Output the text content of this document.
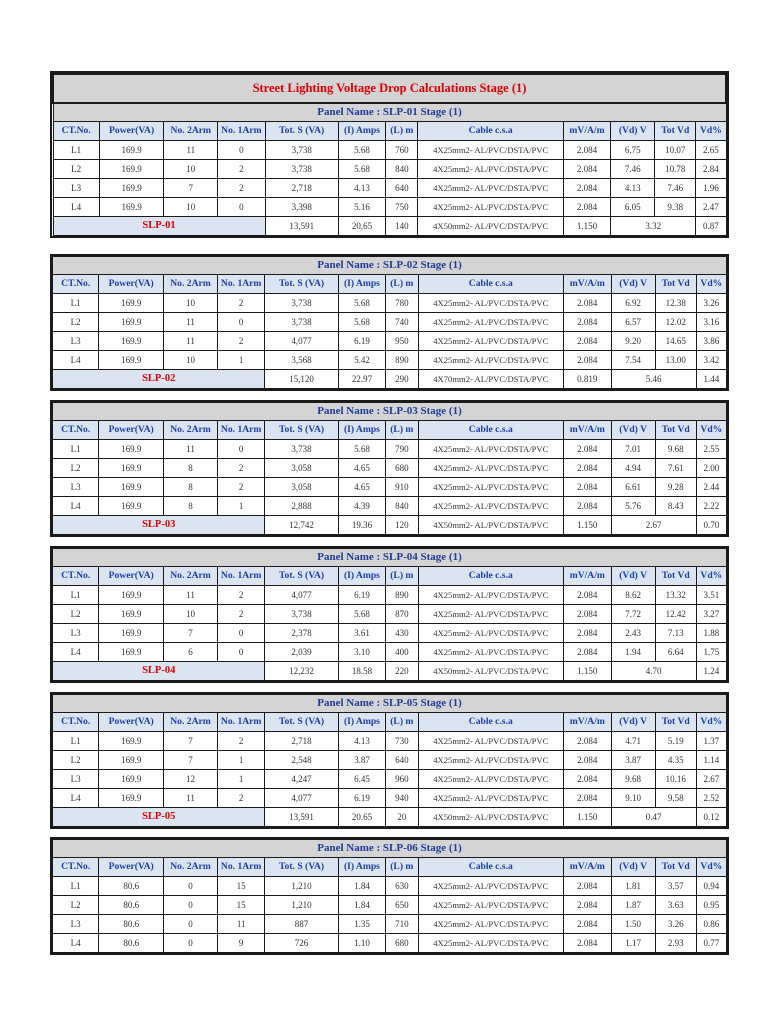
Street Lighting Voltage Drop Calculations Stage (1)											
Panel Name : SLP-01 Stage (1)											
CT.No.	Power(VA)	No. 2Arm	No. 1Arm	Tot. S (VA)	(I) Amps	(L) m	Cable c.s.a	mV/A/m	(Vd) V	Tot Vd	Vd%
L1	169.9	11	0	3,738	5.68	760	4X25mm2- AL/PVC/DSTA/PVC	2.084	6.75	10.07	2.65
L2	169.9	10	2	3,738	5.68	840	4X25mm2- AL/PVC/DSTA/PVC	2.084	7.46	10.78	2.84
L3	169.9	7	2	2,718	4.13	640	4X25mm2- AL/PVC/DSTA/PVC	2.084	4.13	7.46	1.96
L4	169.9	10	0	3,398	5.16	750	4X25mm2- AL/PVC/DSTA/PVC	2.084	6.05	9.38	2.47
SLP-01				13,591	20.65	140	4X50mm2- AL/PVC/DSTA/PVC	1.150	3.32		0.87
Panel Name : SLP-02 Stage (1)											
CT.No.	Power(VA)	No. 2Arm	No. 1Arm	Tot. S (VA)	(I) Amps	(L) m	Cable c.s.a	mV/A/m	(Vd) V	Tot Vd	Vd%
L1	169.9	10	2	3,738	5.68	780	4X25mm2- AL/PVC/DSTA/PVC	2.084	6.92	12.38	3.26
L2	169.9	11	0	3,738	5.68	740	4X25mm2- AL/PVC/DSTA/PVC	2.084	6.57	12.02	3.16
L3	169.9	11	2	4,077	6.19	950	4X25mm2- AL/PVC/DSTA/PVC	2.084	9.20	14.65	3.86
L4	169.9	10	1	3,568	5.42	890	4X25mm2- AL/PVC/DSTA/PVC	2.084	7.54	13.00	3.42
SLP-02				15,120	22.97	290	4X70mm2- AL/PVC/DSTA/PVC	0.819	5.46		1.44
Panel Name : SLP-03 Stage (1)											
CT.No.	Power(VA)	No. 2Arm	No. 1Arm	Tot. S (VA)	(I) Amps	(L) m	Cable c.s.a	mV/A/m	(Vd) V	Tot Vd	Vd%
L1	169.9	11	0	3,738	5.68	790	4X25mm2- AL/PVC/DSTA/PVC	2.084	7.01	9.68	2.55
L2	169.9	8	2	3,058	4.65	680	4X25mm2- AL/PVC/DSTA/PVC	2.084	4.94	7.61	2.00
L3	169.9	8	2	3,058	4.65	910	4X25mm2- AL/PVC/DSTA/PVC	2.084	6.61	9.28	2.44
L4	169.9	8	1	2,888	4.39	840	4X25mm2- AL/PVC/DSTA/PVC	2.084	5.76	8.43	2.22
SLP-03				12,742	19.36	120	4X50mm2- AL/PVC/DSTA/PVC	1.150	2.67		0.70
Panel Name : SLP-04 Stage (1)											
CT.No.	Power(VA)	No. 2Arm	No. 1Arm	Tot. S (VA)	(I) Amps	(L) m	Cable c.s.a	mV/A/m	(Vd) V	Tot Vd	Vd%
L1	169.9	11	2	4,077	6.19	890	4X25mm2- AL/PVC/DSTA/PVC	2.084	8.62	13.32	3.51
L2	169.9	10	2	3,738	5.68	870	4X25mm2- AL/PVC/DSTA/PVC	2.084	7.72	12.42	3.27
L3	169.9	7	0	2,378	3.61	430	4X25mm2- AL/PVC/DSTA/PVC	2.084	2.43	7.13	1.88
L4	169.9	6	0	2,039	3.10	400	4X25mm2- AL/PVC/DSTA/PVC	2.084	1.94	6.64	1.75
SLP-04				12,232	18.58	220	4X50mm2- AL/PVC/DSTA/PVC	1.150	4.70		1.24
Panel Name : SLP-05 Stage (1)											
CT.No.	Power(VA)	No. 2Arm	No. 1Arm	Tot. S (VA)	(I) Amps	(L) m	Cable c.s.a	mV/A/m	(Vd) V	Tot Vd	Vd%
L1	169.9	7	2	2,718	4.13	730	4X25mm2- AL/PVC/DSTA/PVC	2.084	4.71	5.19	1.37
L2	169.9	7	1	2,548	3.87	640	4X25mm2- AL/PVC/DSTA/PVC	2.084	3.87	4.35	1.14
L3	169.9	12	1	4,247	6.45	960	4X25mm2- AL/PVC/DSTA/PVC	2.084	9.68	10.16	2.67
L4	169.9	11	2	4,077	6.19	940	4X25mm2- AL/PVC/DSTA/PVC	2.084	9.10	9.58	2.52
SLP-05				13,591	20.65	20	4X50mm2- AL/PVC/DSTA/PVC	1.150	0.47		0.12
Panel Name : SLP-06 Stage (1)											
CT.No.	Power(VA)	No. 2Arm	No. 1Arm	Tot. S (VA)	(I) Amps	(L) m	Cable c.s.a	mV/A/m	(Vd) V	Tot Vd	Vd%
L1	80.6	0	15	1,210	1.84	630	4X25mm2- AL/PVC/DSTA/PVC	2.084	1.81	3.57	0.94
L2	80.6	0	15	1,210	1.84	650	4X25mm2- AL/PVC/DSTA/PVC	2.084	1.87	3.63	0.95
L3	80.6	0	11	887	1.35	710	4X25mm2- AL/PVC/DSTA/PVC	2.084	1.50	3.26	0.86
L4	80.6	0	9	726	1.10	680	4X25mm2- AL/PVC/DSTA/PVC	2.084	1.17	2.93	0.77
